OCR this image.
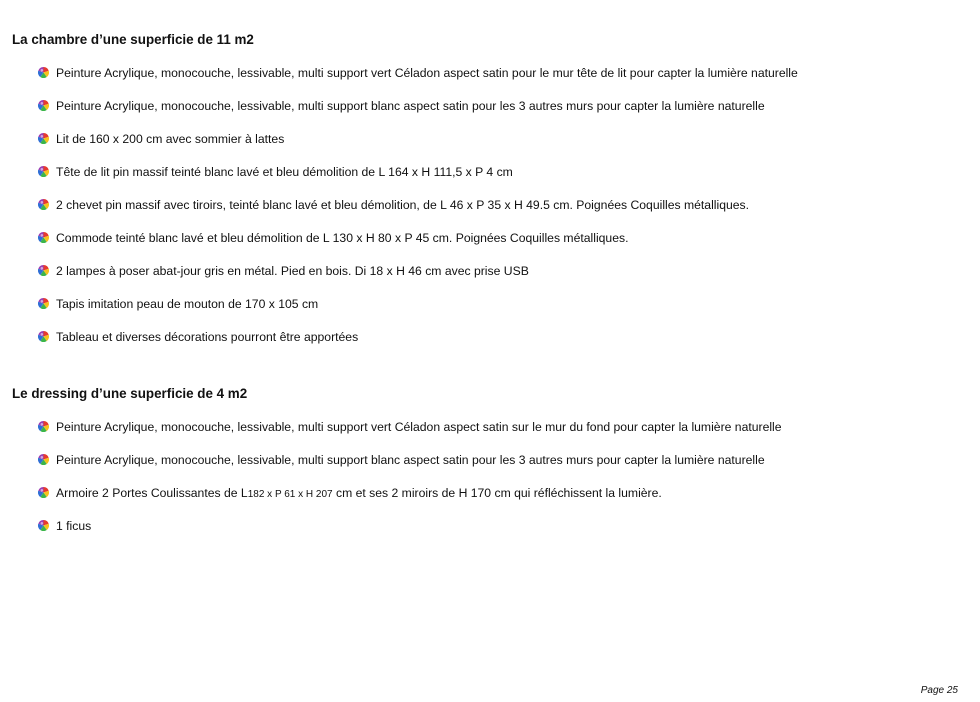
La chambre d’une superficie de 11 m2
Peinture Acrylique, monocouche, lessivable, multi support vert Céladon aspect satin pour le mur tête de lit pour capter la lumière naturelle
Peinture Acrylique, monocouche, lessivable, multi support blanc aspect satin pour les 3 autres murs pour capter la lumière naturelle
Lit de 160 x 200 cm avec sommier à lattes
Tête de lit pin massif teinté blanc lavé et bleu démolition de L 164 x H 111,5 x P 4 cm
2 chevet pin massif avec tiroirs, teinté blanc lavé et bleu démolition, de L 46 x P 35 x H 49.5 cm. Poignées Coquilles métalliques.
Commode teinté blanc lavé et bleu démolition de L 130 x H 80 x P 45 cm. Poignées Coquilles métalliques.
2 lampes à poser abat-jour gris en métal. Pied en bois. Di 18 x H 46 cm avec prise USB
Tapis imitation peau de mouton de 170 x 105 cm
Tableau et diverses décorations pourront être apportées
Le dressing d’une superficie de 4 m2
Peinture Acrylique, monocouche, lessivable, multi support vert Céladon aspect satin sur le mur du fond pour capter la lumière naturelle
Peinture Acrylique, monocouche, lessivable, multi support blanc aspect satin pour les 3 autres murs pour capter la lumière naturelle
Armoire 2 Portes Coulissantes de L182 x P 61 x H 207 cm et ses 2 miroirs de H 170 cm qui réfléchissent la lumière.
1 ficus
Page 25
